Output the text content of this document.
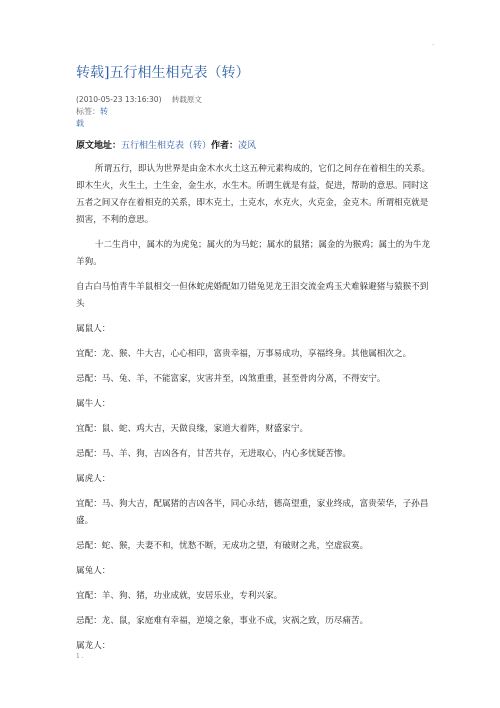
·
转载]五行相生相克表（转）
(2010-05-23 13:16:30) 转载原文
标签：转
载
原文地址：五行相生相克表（转）作者：凌风

所谓五行，即认为世界是由金木水火土这五种元素构成的，它们之间存在着相生的关系。即木生火，火生土，土生金，金生水，水生木。所谓生就是有益，促进，帮助的意思。同时这五者之间又存在着相克的关系，即木克土，土克水，水克火，火克金，金克木。所谓相克就是损害，不利的意思。

十二生肖中，属木的为虎兔；属火的为马蛇；属水的鼠猪；属金的为猴鸡；属土的为牛龙羊狗。

自古白马怕青牛羊鼠相交一但休蛇虎婚配如刀错兔见龙王泪交流金鸡玉犬难躲避猪与猿猴不到头

属鼠人：

宜配：龙、猴、牛大吉，心心相印，富贵幸福，万事易成功，享福终身。其他属相次之。

忌配：马、兔、羊，不能富家，灾害并至，凶煞重重，甚至骨肉分离，不得安宁。

属牛人：

宜配：鼠、蛇、鸡大吉，天做良缘，家道大着阵，财盛家宁。

忌配：马、羊、狗，吉凶各有，甘苦共存，无进取心，内心多忧疑苦惨。

属虎人：

宜配：马、狗大吉，配属猪的吉凶各半，同心永结，德高望重，家业终成，富贵荣华，子孙昌盛。

忌配：蛇、猴，夫妻不和，忧愁不断，无成功之望，有破财之兆，空虚寂寞。

属兔人：

宜配：羊、狗、猪，功业成就，安居乐业，专利兴家。

忌配：龙、鼠，家庭难有幸福，逆境之象，事业不成，灾祸之致，历尽痛苦。

属龙人：

1 .
